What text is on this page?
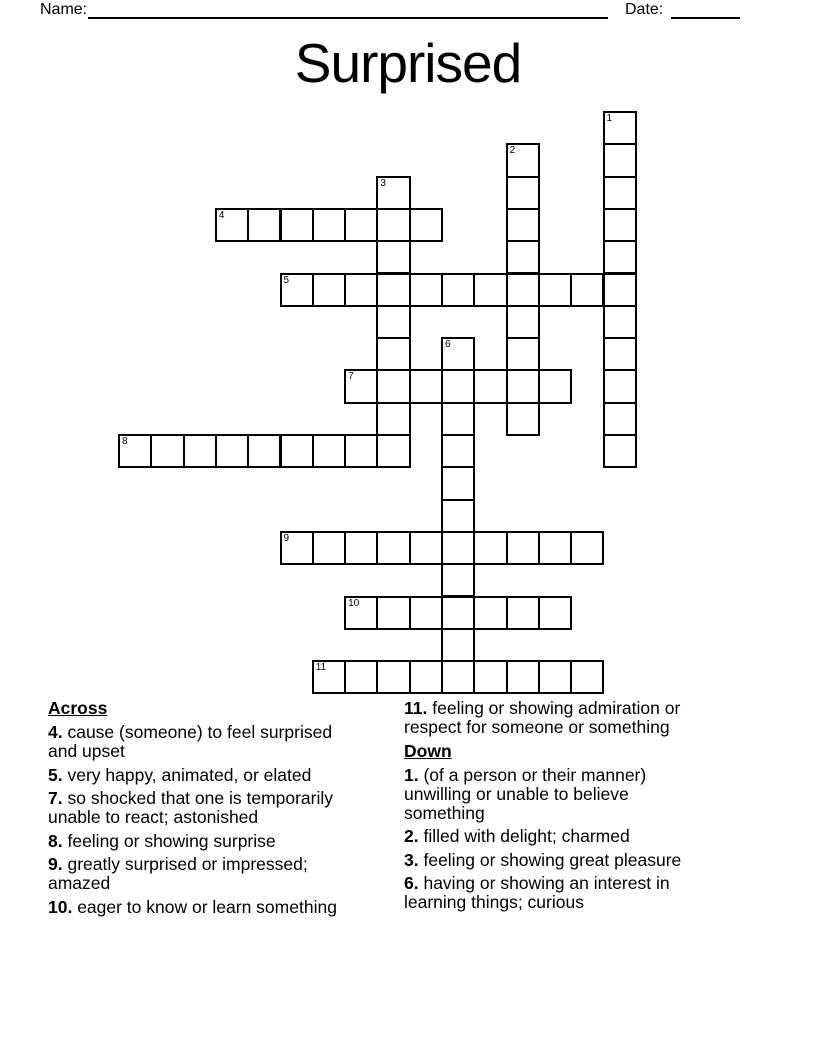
Name:	Date:
Surprised
1
2
3
4
5
6
7
8
9
10
11
Across
4. cause (someone) to feel surprised and upset
5. very happy, animated, or elated
7. so shocked that one is temporarily unable to react; astonished
8. feeling or showing surprise
9. greatly surprised or impressed; amazed
10. eager to know or learn something
11. feeling or showing admiration or respect for someone or something
Down
1. (of a person or their manner) unwilling or unable to believe something
2. filled with delight; charmed
3. feeling or showing great pleasure
6. having or showing an interest in learning things; curious
